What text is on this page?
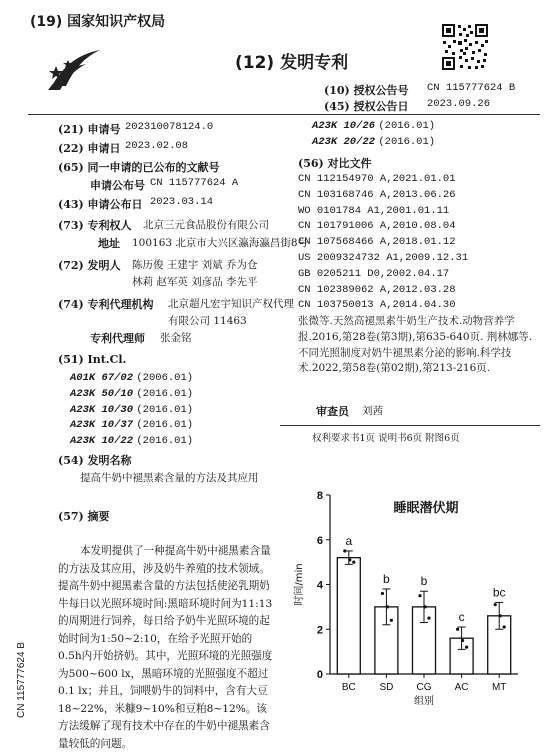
(19) 国家知识产权局
(12) 发明专利
(10) 授权公告号 CN 115777624 B
(45) 授权公告日 2023.09.26
(21) 申请号 202310078124.0
(22) 申请日 2023.02.08
(65) 同一申请的已公布的文献号
申请公布号 CN 115777624 A
(43) 申请公布日 2023.03.14
(73) 专利权人 北京三元食品股份有限公司
地址 100163 北京市大兴区瀛海瀛昌街8号
(72) 发明人 陈历俊 王建宇 刘斌 乔为仓
林莉 赵军英 刘彦品 李先平
(74) 专利代理机构 北京超凡宏宇知识产权代理
有限公司 11463
专利代理师 张金铭
(51) Int.Cl.
A01K 67/02 (2006.01)
A23K 50/10 (2016.01)
A23K 10/30 (2016.01)
A23K 10/37 (2016.01)
A23K 10/22 (2016.01)
A23K 10/26 (2016.01)
A23K 20/22 (2016.01)
(56) 对比文件
CN 112154970 A,2021.01.01
CN 103168746 A,2013.06.26
WO 0101784 A1,2001.01.11
CN 101791006 A,2010.08.04
CN 107568466 A,2018.01.12
US 2009324732 A1,2009.12.31
GB 0205211 D0,2002.04.17
CN 102389062 A,2012.03.28
CN 103750013 A,2014.04.30
张微等.天然高褪黑素牛奶生产技术.动物营养学报.2016,第28卷(第3期),第635-640页. 荆林娜等.不同光照制度对奶牛褪黑素分泌的影响.科学技术.2022,第58卷(第02期),第213-216页.
审查员 刘茜
权利要求书1页 说明书6页 附图6页
(54) 发明名称
提高牛奶中褪黑素含量的方法及其应用
(57) 摘要
本发明提供了一种提高牛奶中褪黑素含量的方法及其应用，涉及奶牛养殖的技术领域。提高牛奶中褪黑素含量的方法包括使泌乳期奶牛每日以光照环境时间:黑暗环境时间为11:13的周期进行饲养，每日给予奶牛光照环境的起始时间为1:50~2:10，在给予光照开始的0.5h内开始挤奶。其中，光照环境的光照强度为500~600 lx，黑暗环境的光照强度不超过0.1 lx；并且，饲喂奶牛的饲料中，含有大豆18~22%，米糠9~10%和豆粕8~12%。该方法缓解了现有技术中存在的牛奶中褪黑素含量较低的问题。
CN 115777624 B
睡眠潜伏期
时间/min
组别
0
2
4
6
8
a
BC
b
SD
b
CG
c
AC
bc
MT
